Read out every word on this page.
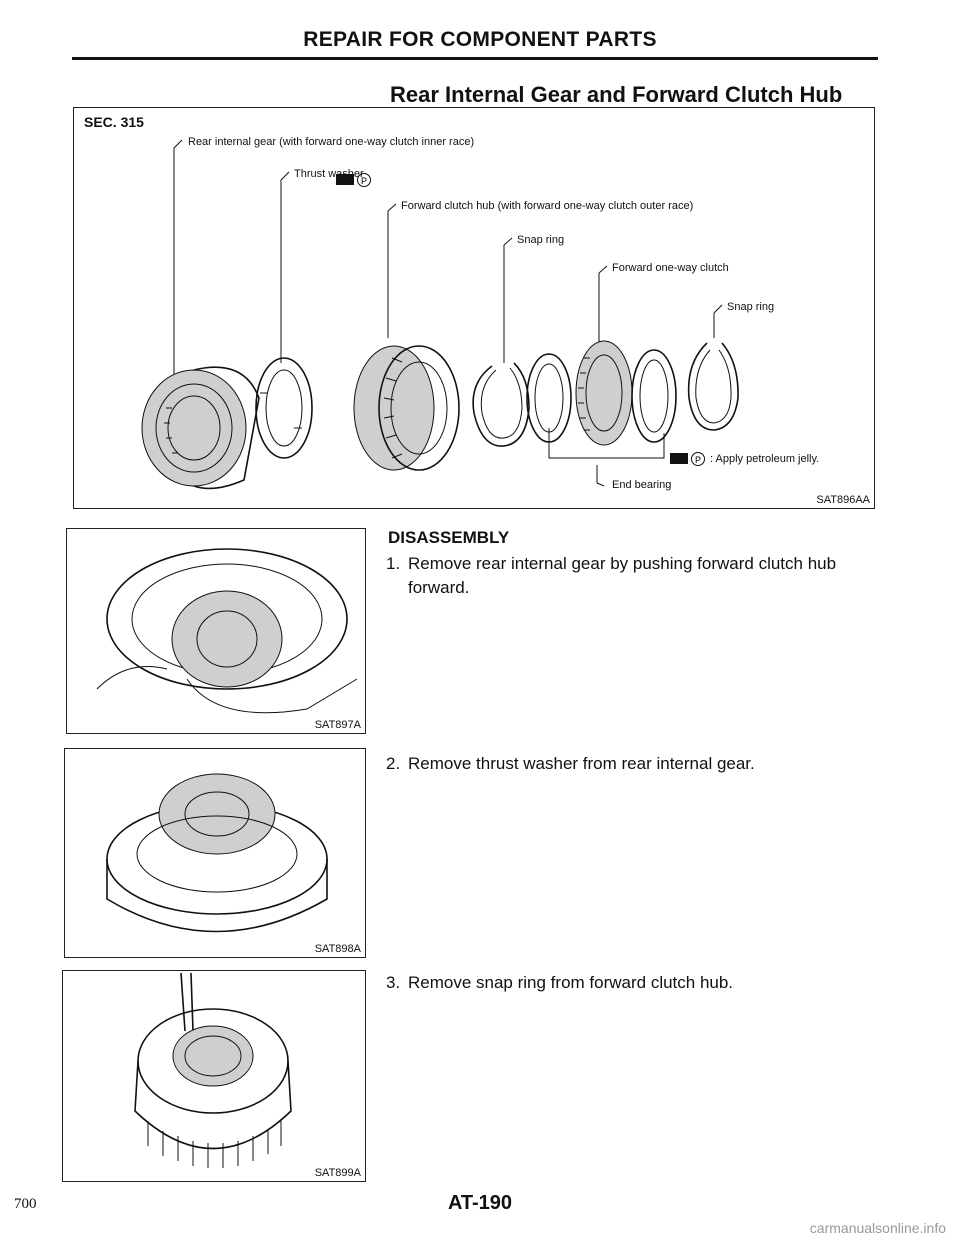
REPAIR FOR COMPONENT PARTS
Rear Internal Gear and Forward Clutch Hub
P
P
SEC. 315
Rear internal gear (with forward one-way clutch inner race)
Thrust washer
Forward clutch hub (with forward one-way clutch outer race)
Snap ring
Forward one-way clutch
Snap ring
End bearing
: Apply petroleum jelly.
SAT896AA
SAT897A
SAT898A
SAT899A
DISASSEMBLY
1. Remove rear internal gear by pushing forward clutch hub forward.
2. Remove thrust washer from rear internal gear.
3. Remove snap ring from forward clutch hub.
700	AT-190
carmanualsonline.info
